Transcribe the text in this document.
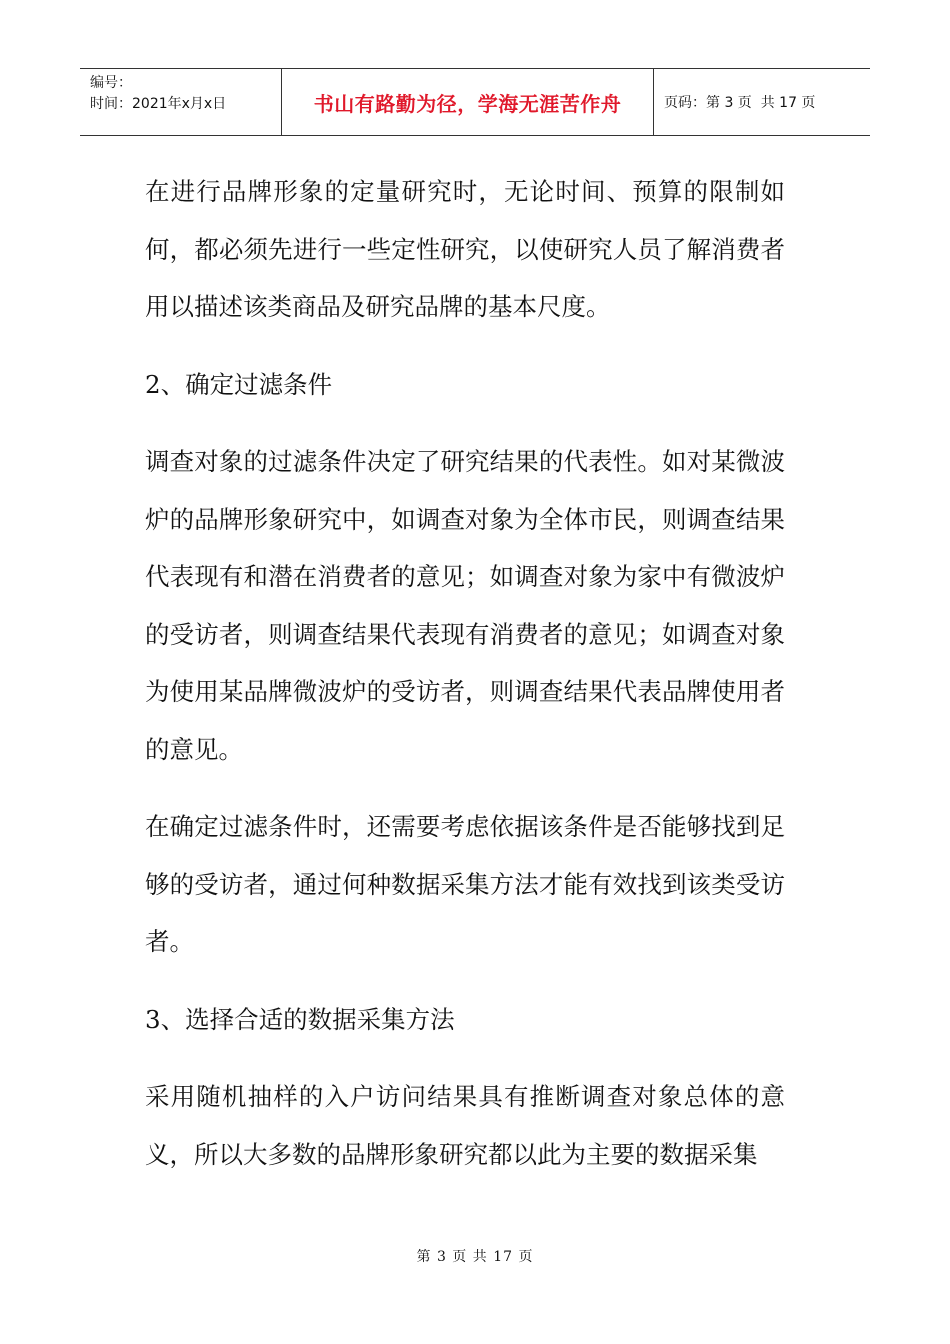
编号：
时间：2021年x月x日	书山有路勤为径，学海无涯苦作舟	页码：第 3 页  共 17 页

在进行品牌形象的定量研究时，无论时间、预算的限制如何，都必须先进行一些定性研究，以使研究人员了解消费者用以描述该类商品及研究品牌的基本尺度。

2、确定过滤条件

调查对象的过滤条件决定了研究结果的代表性。如对某微波炉的品牌形象研究中，如调查对象为全体市民，则调查结果代表现有和潜在消费者的意见；如调查对象为家中有微波炉的受访者，则调查结果代表现有消费者的意见；如调查对象为使用某品牌微波炉的受访者，则调查结果代表品牌使用者的意见。

在确定过滤条件时，还需要考虑依据该条件是否能够找到足够的受访者，通过何种数据采集方法才能有效找到该类受访者。

3、选择合适的数据采集方法

采用随机抽样的入户访问结果具有推断调查对象总体的意义，所以大多数的品牌形象研究都以此为主要的数据采集

第 3 页 共 17 页
